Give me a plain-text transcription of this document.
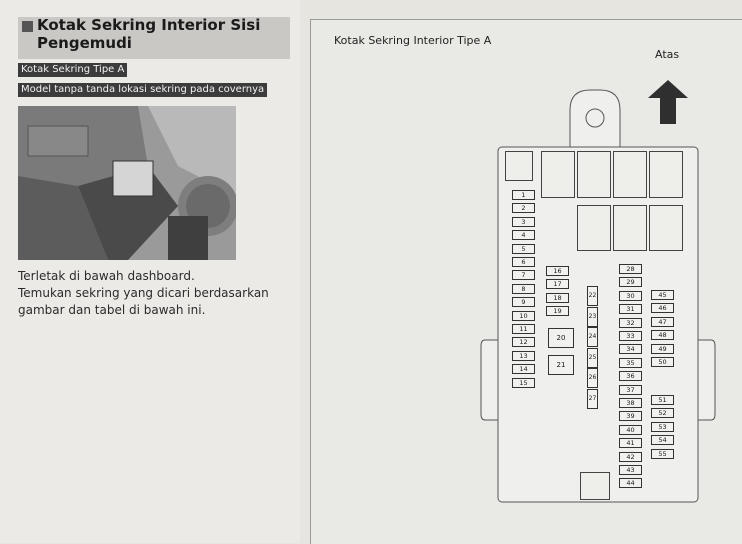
Kotak Sekring Interior Sisi
Pengemudi
Kotak Sekring Tipe A
Model tanpa tanda lokasi sekring pada covernya
Terletak di bawah dashboard.
Temukan sekring yang dicari berdasarkan
gambar dan tabel di bawah ini.
Kotak Sekring Interior Tipe A
Atas
1
2
3
4
5
6
7
8
9
10
11
12
13
14
15
16
17
18
19
20
21
22
23
24
25
26
27
28
29
30
31
32
33
34
35
36
37
38
39
40
41
42
43
44
45
46
47
48
49
50
51
52
53
54
55
